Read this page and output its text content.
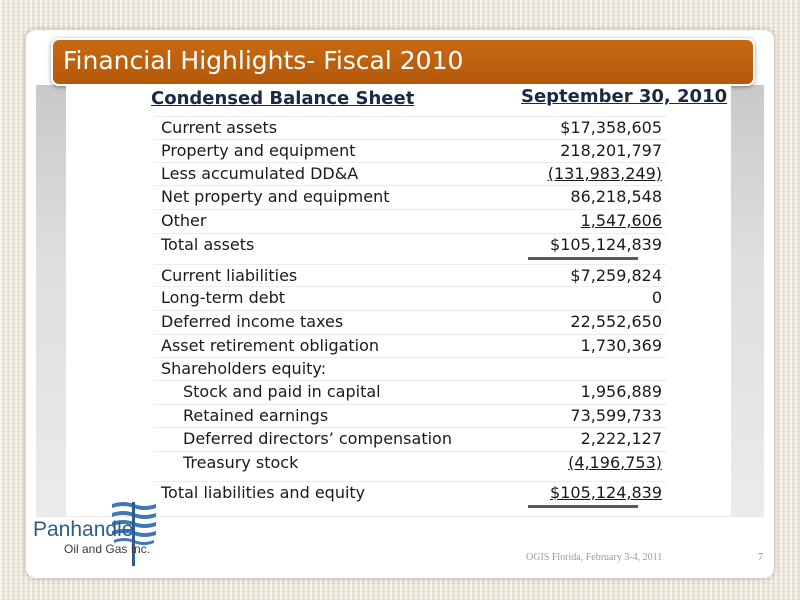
Financial Highlights- Fiscal 2010
Condensed Balance Sheet	September 30, 2010
Current assets	$17,358,605
Property and equipment	218,201,797
Less accumulated DD&A	(131,983,249)
Net property and equipment	86,218,548
Other	1,547,606
Total assets	$105,124,839
Current liabilities	$7,259,824
Long-term debt	0
Deferred income taxes	22,552,650
Asset retirement obligation	1,730,369
Shareholders equity:
Stock and paid in capital	1,956,889
Retained earnings	73,599,733
Deferred directors’ compensation	2,222,127
Treasury stock	(4,196,753)
Total liabilities and equity	$105,124,839
Panhandle
Oil and Gas Inc.
OGIS Florida, February 3-4, 2011	7
